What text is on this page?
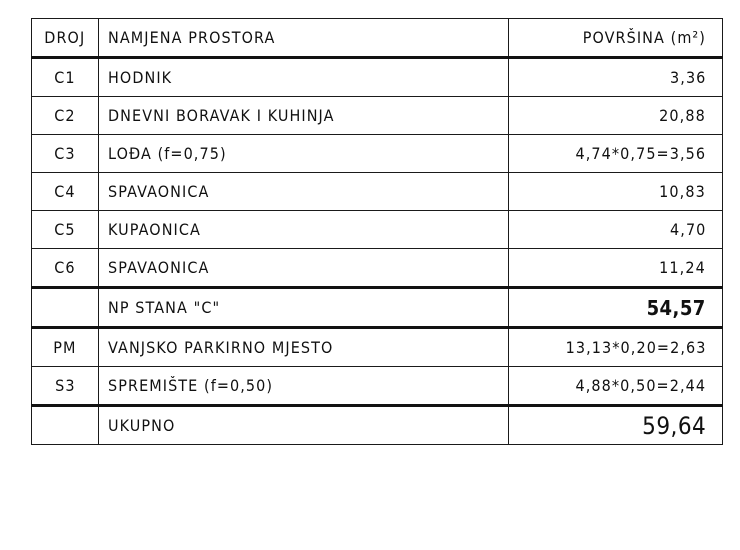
DROJ	NAMJENA PROSTORA	POVRŠINA (m²)
C1	HODNIK	3,36
C2	DNEVNI BORAVAK I KUHINJA	20,88
C3	LOĐA (f=0,75)	4,74*0,75=3,56
C4	SPAVAONICA	10,83
C5	KUPAONICA	4,70
C6	SPAVAONICA	11,24
	NP STANA "C"	54,57
PM	VANJSKO PARKIRNO MJESTO	13,13*0,20=2,63
S3	SPREMIŠTE (f=0,50)	4,88*0,50=2,44
	UKUPNO	59,64
